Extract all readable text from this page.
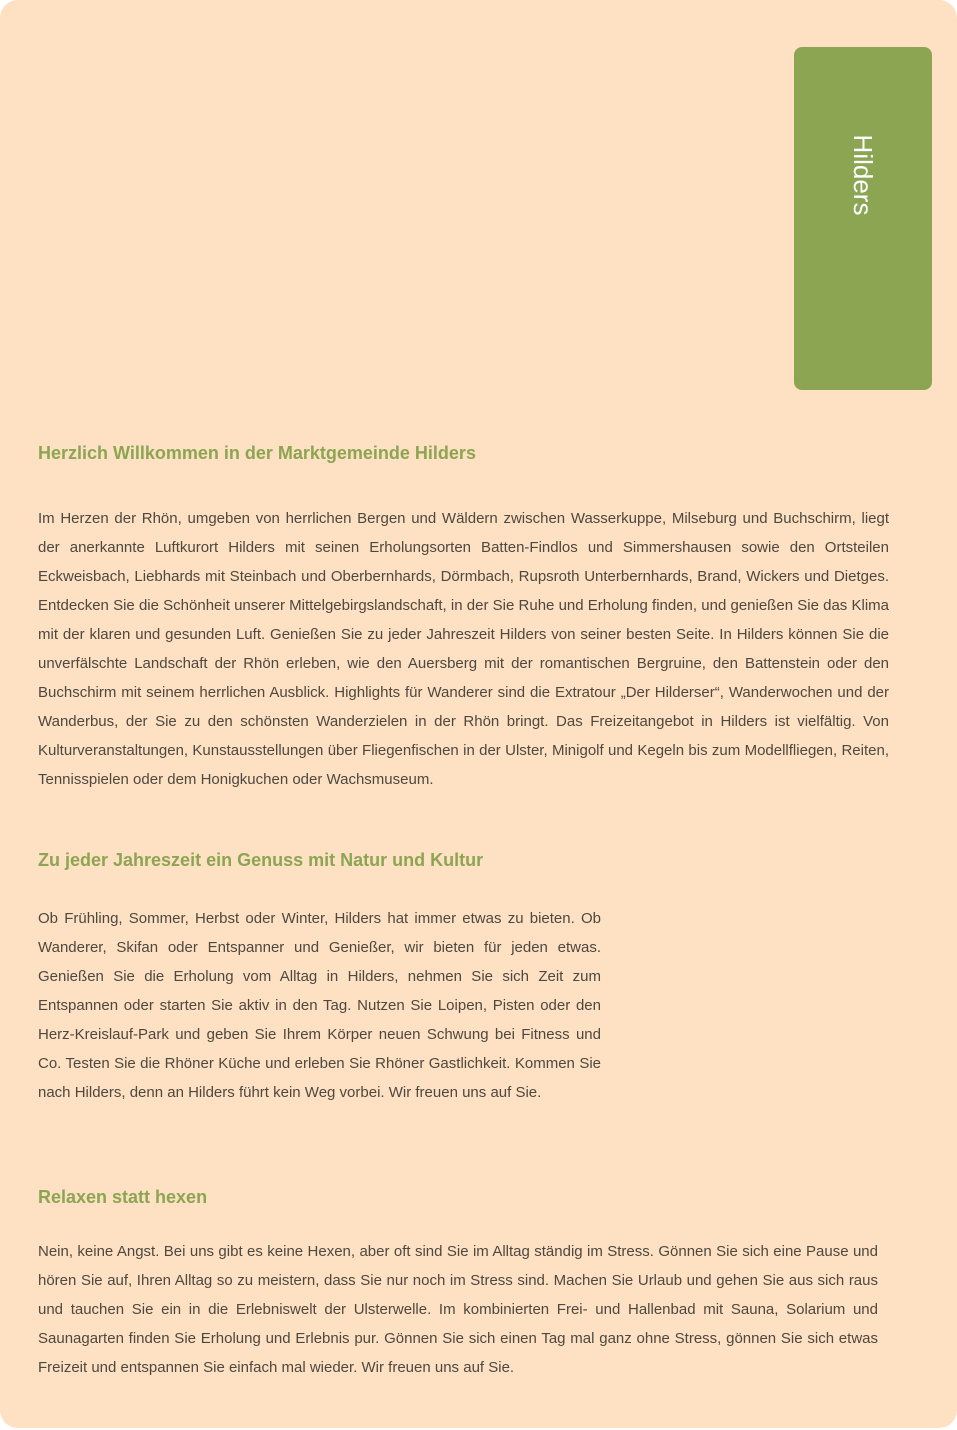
Hilders
Herzlich Willkommen in der Marktgemeinde Hilders

Im Herzen der Rhön, umgeben von herrlichen Bergen und Wäldern zwischen Wasserkuppe, Milseburg und Buchschirm, liegt der anerkannte Luftkurort Hilders mit seinen Erholungsorten Batten-Findlos und Simmershausen sowie den Ortsteilen Eckweisbach, Liebhards mit Steinbach und Oberbernhards, Dörmbach, Rupsroth Unterbernhards, Brand, Wickers und Dietges. Entdecken Sie die Schönheit unserer Mittelgebirgslandschaft, in der Sie Ruhe und Erholung finden, und genießen Sie das Klima mit der klaren und gesunden Luft. Genießen Sie zu jeder Jahreszeit Hilders von seiner besten Seite. In Hilders können Sie die unverfälschte Landschaft der Rhön erleben, wie den Auersberg mit der romantischen Bergruine, den Battenstein oder den Buchschirm mit seinem herrlichen Ausblick. Highlights für Wanderer sind die Extratour „Der Hilderser“, Wanderwochen und der Wanderbus, der Sie zu den schönsten Wanderzielen in der Rhön bringt. Das Freizeitangebot in Hilders ist vielfältig. Von Kulturveranstaltungen, Kunstausstellungen über Fliegenfischen in der Ulster, Minigolf und Kegeln bis zum Modellfliegen, Reiten, Tennisspielen oder dem Honigkuchen oder Wachsmuseum.

Zu jeder Jahreszeit ein Genuss mit Natur und Kultur

Ob Frühling, Sommer, Herbst oder Winter, Hilders hat immer etwas zu bieten. Ob Wanderer, Skifan oder Entspanner und Genießer, wir bieten für jeden etwas. Genießen Sie die Erholung vom Alltag in Hilders, nehmen Sie sich Zeit zum Entspannen oder starten Sie aktiv in den Tag. Nutzen Sie Loipen, Pisten oder den Herz-Kreislauf-Park und geben Sie Ihrem Körper neuen Schwung bei Fitness und Co. Testen Sie die Rhöner Küche und erleben Sie Rhöner Gastlichkeit. Kommen Sie nach Hilders, denn an Hilders führt kein Weg vorbei. Wir freuen uns auf Sie.

Relaxen statt hexen

Nein, keine Angst. Bei uns gibt es keine Hexen, aber oft sind Sie im Alltag ständig im Stress. Gönnen Sie sich eine Pause und hören Sie auf, Ihren Alltag so zu meistern, dass Sie nur noch im Stress sind. Machen Sie Urlaub und gehen Sie aus sich raus und tauchen Sie ein in die Erlebniswelt der Ulsterwelle. Im kombinierten Frei- und Hallenbad mit Sauna, Solarium und Saunagarten finden Sie Erholung und Erlebnis pur. Gönnen Sie sich einen Tag mal ganz ohne Stress, gönnen Sie sich etwas Freizeit und entspannen Sie einfach mal wieder. Wir freuen uns auf Sie.
